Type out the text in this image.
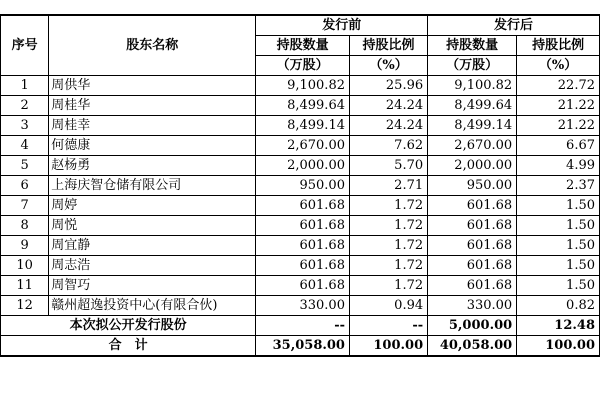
序号	股东名称	发行前		发行后	
		持股数量	持股比例	持股数量	持股比例
		（万股）	（%）	（万股）	（%）
1	周供华	9,100.82	25.96	9,100.82	22.72
2	周桂华	8,499.64	24.24	8,499.64	21.22
3	周桂幸	8,499.14	24.24	8,499.14	21.22
4	何德康	2,670.00	7.62	2,670.00	6.67
5	赵杨勇	2,000.00	5.70	2,000.00	4.99
6	上海庆智仓储有限公司	950.00	2.71	950.00	2.37
7	周婷	601.68	1.72	601.68	1.50
8	周悦	601.68	1.72	601.68	1.50
9	周宜静	601.68	1.72	601.68	1.50
10	周志浩	601.68	1.72	601.68	1.50
11	周智巧	601.68	1.72	601.68	1.50
12	赣州超逸投资中心(有限合伙)	330.00	0.94	330.00	0.82
本次拟公开发行股份		--	--	5,000.00	12.48
合　计		35,058.00	100.00	40,058.00	100.00
